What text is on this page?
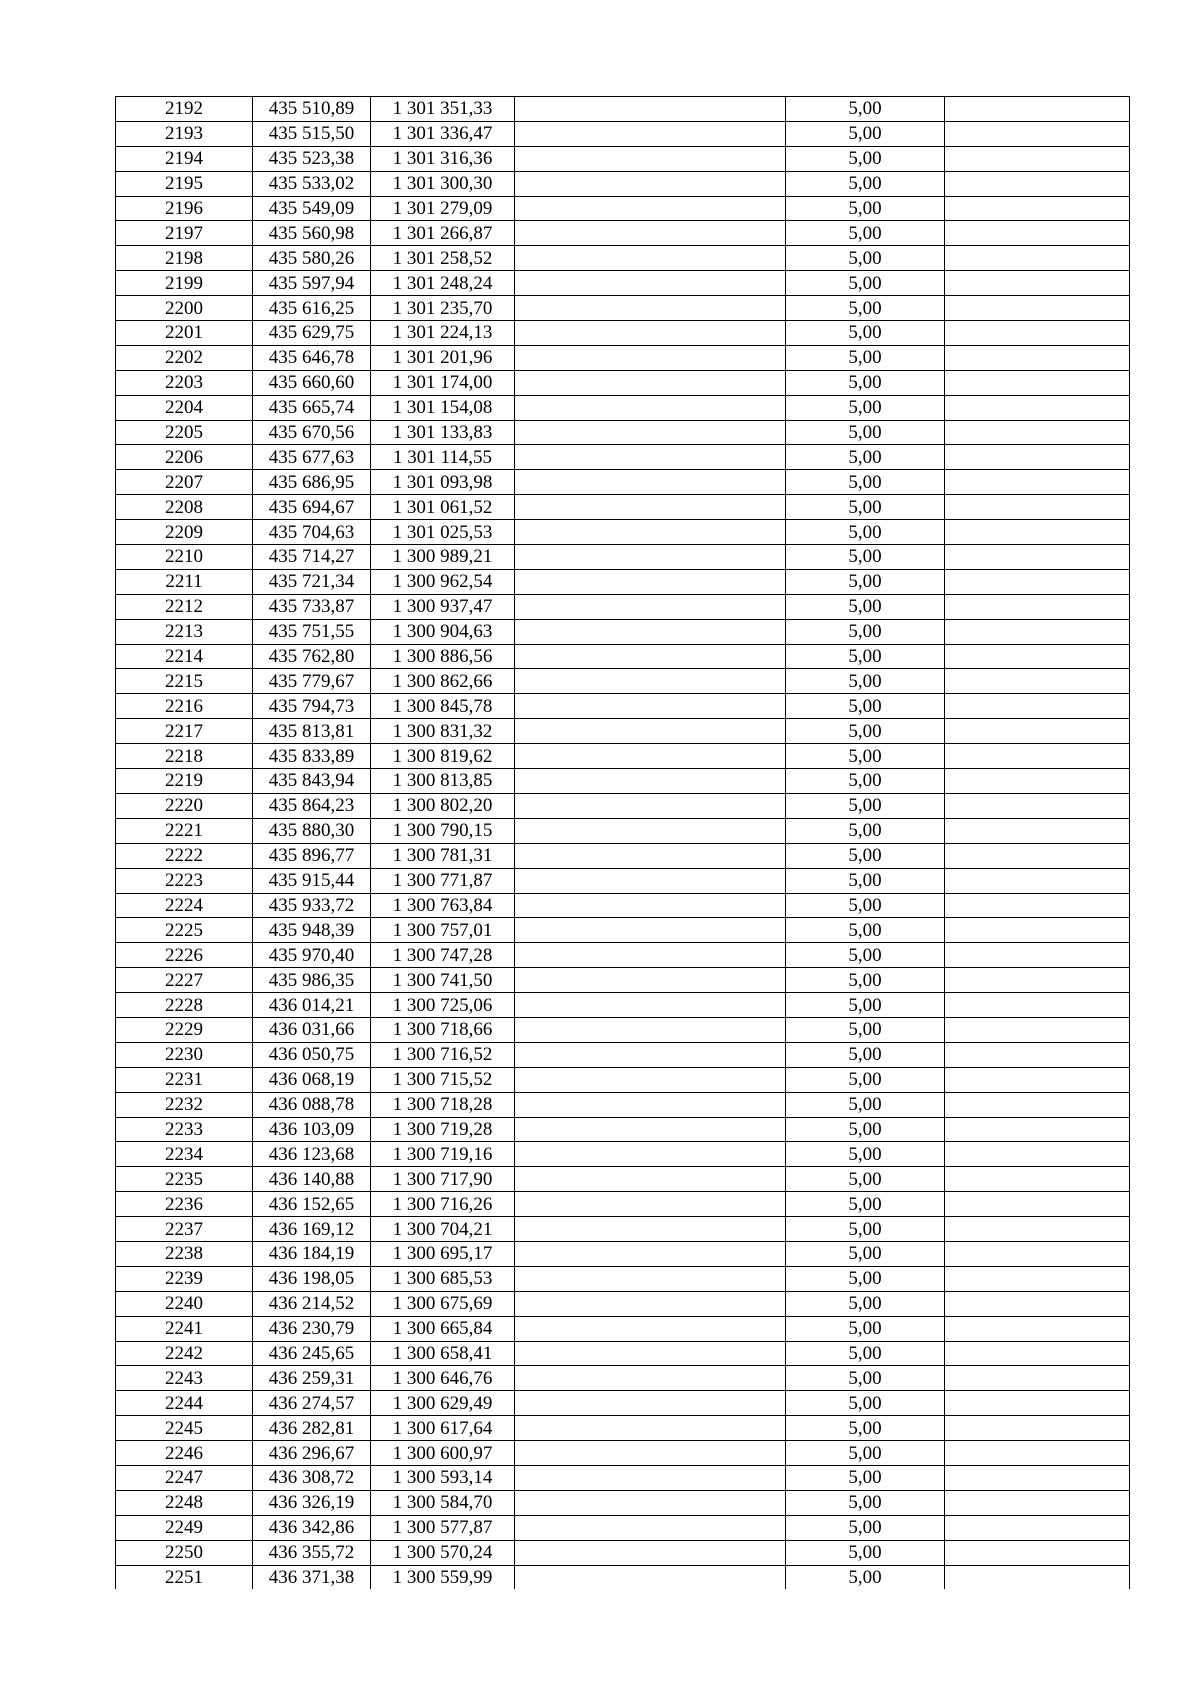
2192	435 510,89	1 301 351,33		5,00	
2193	435 515,50	1 301 336,47		5,00	
2194	435 523,38	1 301 316,36		5,00	
2195	435 533,02	1 301 300,30		5,00	
2196	435 549,09	1 301 279,09		5,00	
2197	435 560,98	1 301 266,87		5,00	
2198	435 580,26	1 301 258,52		5,00	
2199	435 597,94	1 301 248,24		5,00	
2200	435 616,25	1 301 235,70		5,00	
2201	435 629,75	1 301 224,13		5,00	
2202	435 646,78	1 301 201,96		5,00	
2203	435 660,60	1 301 174,00		5,00	
2204	435 665,74	1 301 154,08		5,00	
2205	435 670,56	1 301 133,83		5,00	
2206	435 677,63	1 301 114,55		5,00	
2207	435 686,95	1 301 093,98		5,00	
2208	435 694,67	1 301 061,52		5,00	
2209	435 704,63	1 301 025,53		5,00	
2210	435 714,27	1 300 989,21		5,00	
2211	435 721,34	1 300 962,54		5,00	
2212	435 733,87	1 300 937,47		5,00	
2213	435 751,55	1 300 904,63		5,00	
2214	435 762,80	1 300 886,56		5,00	
2215	435 779,67	1 300 862,66		5,00	
2216	435 794,73	1 300 845,78		5,00	
2217	435 813,81	1 300 831,32		5,00	
2218	435 833,89	1 300 819,62		5,00	
2219	435 843,94	1 300 813,85		5,00	
2220	435 864,23	1 300 802,20		5,00	
2221	435 880,30	1 300 790,15		5,00	
2222	435 896,77	1 300 781,31		5,00	
2223	435 915,44	1 300 771,87		5,00	
2224	435 933,72	1 300 763,84		5,00	
2225	435 948,39	1 300 757,01		5,00	
2226	435 970,40	1 300 747,28		5,00	
2227	435 986,35	1 300 741,50		5,00	
2228	436 014,21	1 300 725,06		5,00	
2229	436 031,66	1 300 718,66		5,00	
2230	436 050,75	1 300 716,52		5,00	
2231	436 068,19	1 300 715,52		5,00	
2232	436 088,78	1 300 718,28		5,00	
2233	436 103,09	1 300 719,28		5,00	
2234	436 123,68	1 300 719,16		5,00	
2235	436 140,88	1 300 717,90		5,00	
2236	436 152,65	1 300 716,26		5,00	
2237	436 169,12	1 300 704,21		5,00	
2238	436 184,19	1 300 695,17		5,00	
2239	436 198,05	1 300 685,53		5,00	
2240	436 214,52	1 300 675,69		5,00	
2241	436 230,79	1 300 665,84		5,00	
2242	436 245,65	1 300 658,41		5,00	
2243	436 259,31	1 300 646,76		5,00	
2244	436 274,57	1 300 629,49		5,00	
2245	436 282,81	1 300 617,64		5,00	
2246	436 296,67	1 300 600,97		5,00	
2247	436 308,72	1 300 593,14		5,00	
2248	436 326,19	1 300 584,70		5,00	
2249	436 342,86	1 300 577,87		5,00	
2250	436 355,72	1 300 570,24		5,00	
2251	436 371,38	1 300 559,99		5,00	
